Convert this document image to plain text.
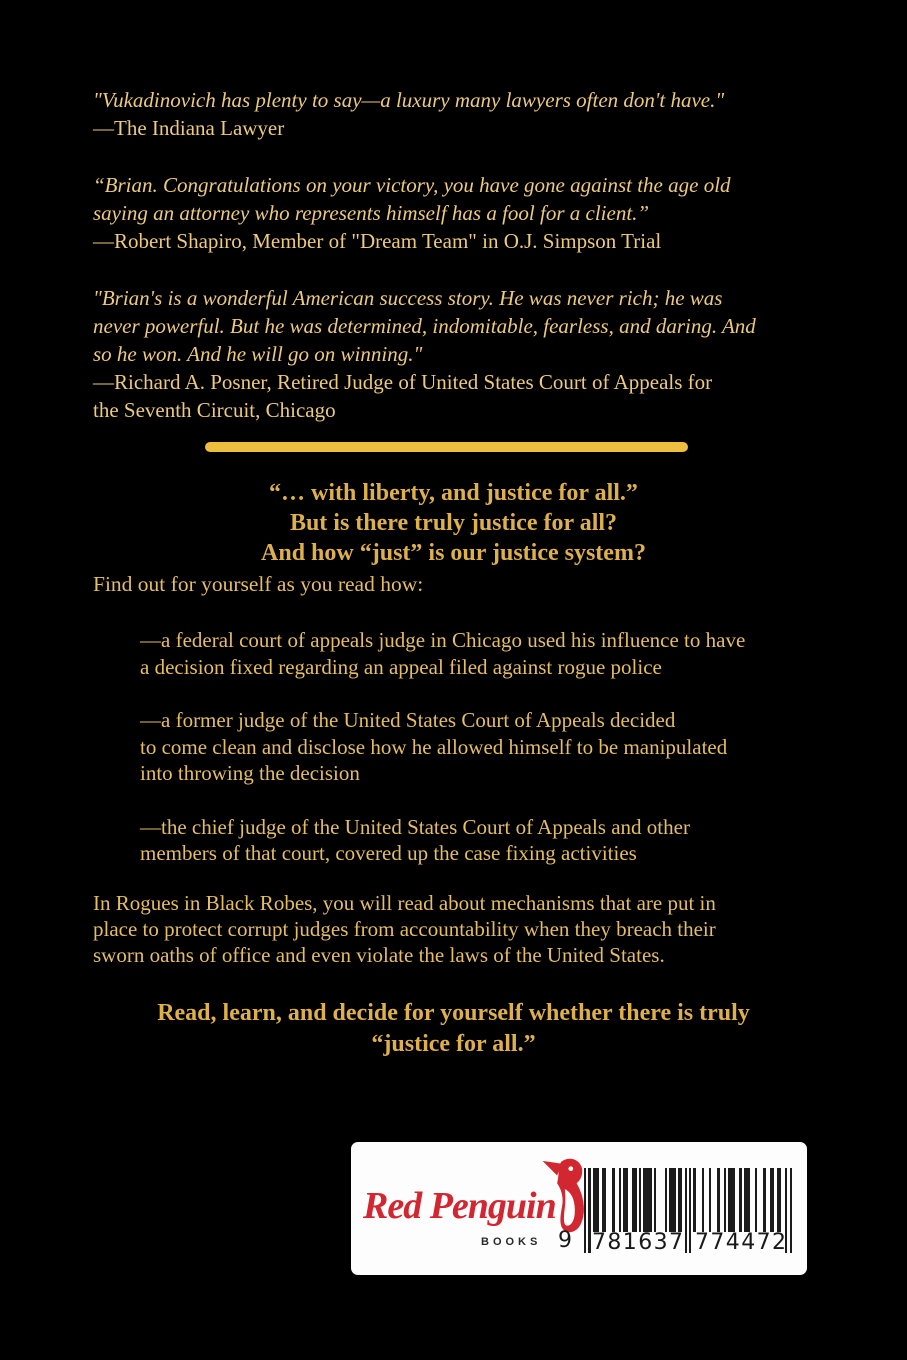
"Vukadinovich has plenty to say—a luxury many lawyers often don't have."
—The Indiana Lawyer
“Brian. Congratulations on your victory, you have gone against the age old
saying an attorney who represents himself has a fool for a client.”
—Robert Shapiro, Member of "Dream Team" in O.J. Simpson Trial
"Brian's is a wonderful American success story. He was never rich; he was
never powerful. But he was determined, indomitable, fearless, and daring. And
so he won. And he will go on winning."
—Richard A. Posner, Retired Judge of United States Court of Appeals for
the Seventh Circuit, Chicago
“… with liberty, and justice for all.”
But is there truly justice for all?
And how “just” is our justice system?
Find out for yourself as you read how:
—a federal court of appeals judge in Chicago used his influence to have
a decision fixed regarding an appeal filed against rogue police
—a former judge of the United States Court of Appeals decided
to come clean and disclose how he allowed himself to be manipulated
into throwing the decision
—the chief judge of the United States Court of Appeals and other
members of that court, covered up the case fixing activities
In Rogues in Black Robes, you will read about mechanisms that are put in
place to protect corrupt judges from accountability when they breach their
sworn oaths of office and even violate the laws of the United States.
Read, learn, and decide for yourself whether there is truly
“justice for all.”
Red Penguin
BOOKS 9 781637 774472
